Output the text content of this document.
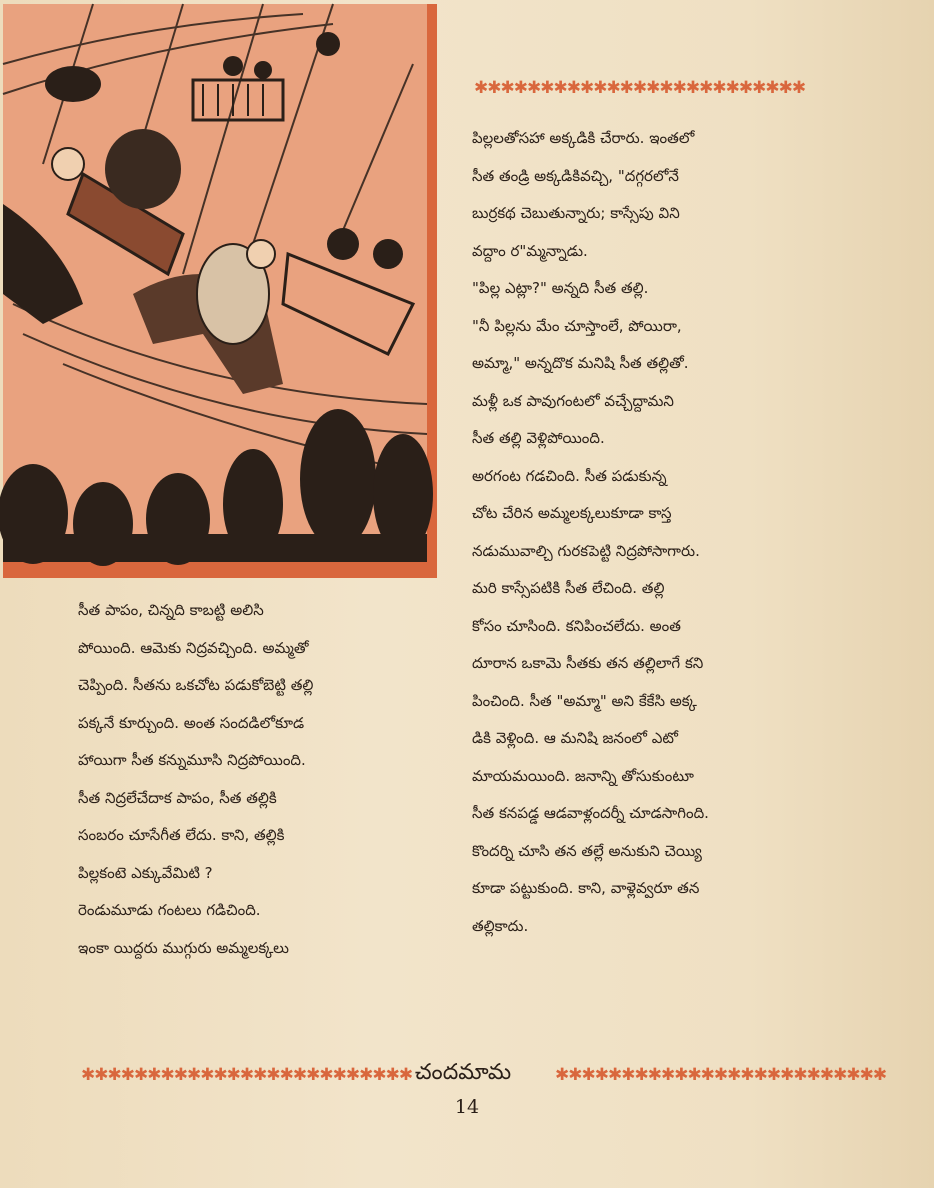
✱✱✱✱✱✱✱✱✱✱✱✱✱✱✱✱✱✱✱✱✱✱✱✱✱

సీత పాపం, చిన్నది కాబట్టి అలిసి
పోయింది. ఆమెకు నిద్రవచ్చింది. అమ్మతో
చెప్పింది. సీతను ఒకచోట పడుకోబెట్టి తల్లి
పక్కనే కూర్చుంది. అంత సందడిలోకూడ
హాయిగా సీత కన్నుమూసి నిద్రపోయింది.
సీత నిద్రలేచేదాక పాపం, సీత తల్లికి
సంబరం చూసేగీత లేదు. కాని, తల్లికి
పిల్లకంటె ఎక్కువేమిటి ?

రెండుమూడు గంటలు గడిచింది.
ఇంకా యిద్దరు ముగ్గురు అమ్మలక్కలు

పిల్లలతోసహా అక్కడికి చేరారు. ఇంతలో
సీత తండ్రి అక్కడికివచ్చి, "దగ్గరలోనే
బుర్రకథ చెబుతున్నారు; కాస్సేపు విని
వద్దాం ర"మ్మన్నాడు.

"పిల్ల ఎట్లా?" అన్నది సీత తల్లి.

"నీ పిల్లను మేం చూస్తాంలే, పోయిరా,
అమ్మా," అన్నదొక మనిషి సీత తల్లితో.

మళ్లీ ఒక పావుగంటలో వచ్చేద్దామని
సీత తల్లి వెళ్లిపోయింది.

అరగంట గడచింది. సీత పడుకున్న
చోట చేరిన అమ్మలక్కలుకూడా కాస్త
నడుమువాల్చి గురకపెట్టి నిద్రపోసాగారు.

మరి కాస్సేపటికి సీత లేచింది. తల్లి
కోసం చూసింది. కనిపించలేదు. అంత
దూరాన ఒకామె సీతకు తన తల్లిలాగే కని
పించింది. సీత "అమ్మా" అని కేకేసి అక్క
డికి వెళ్లింది. ఆ మనిషి జనంలో ఎటో
మాయమయింది. జనాన్ని తోసుకుంటూ
సీత కనపడ్డ ఆడవాళ్లందర్నీ చూడసాగింది.
కొందర్ని చూసి తన తల్లే అనుకుని చెయ్యి
కూడా పట్టుకుంది. కాని, వాళ్లెవ్వరూ తన
తల్లికాదు.

✱✱✱✱✱✱✱✱✱✱✱✱✱✱✱✱✱✱✱✱✱✱✱✱✱ చందమామ	✱✱✱✱✱✱✱✱✱✱✱✱✱✱✱✱✱✱✱✱✱✱✱✱✱
14
